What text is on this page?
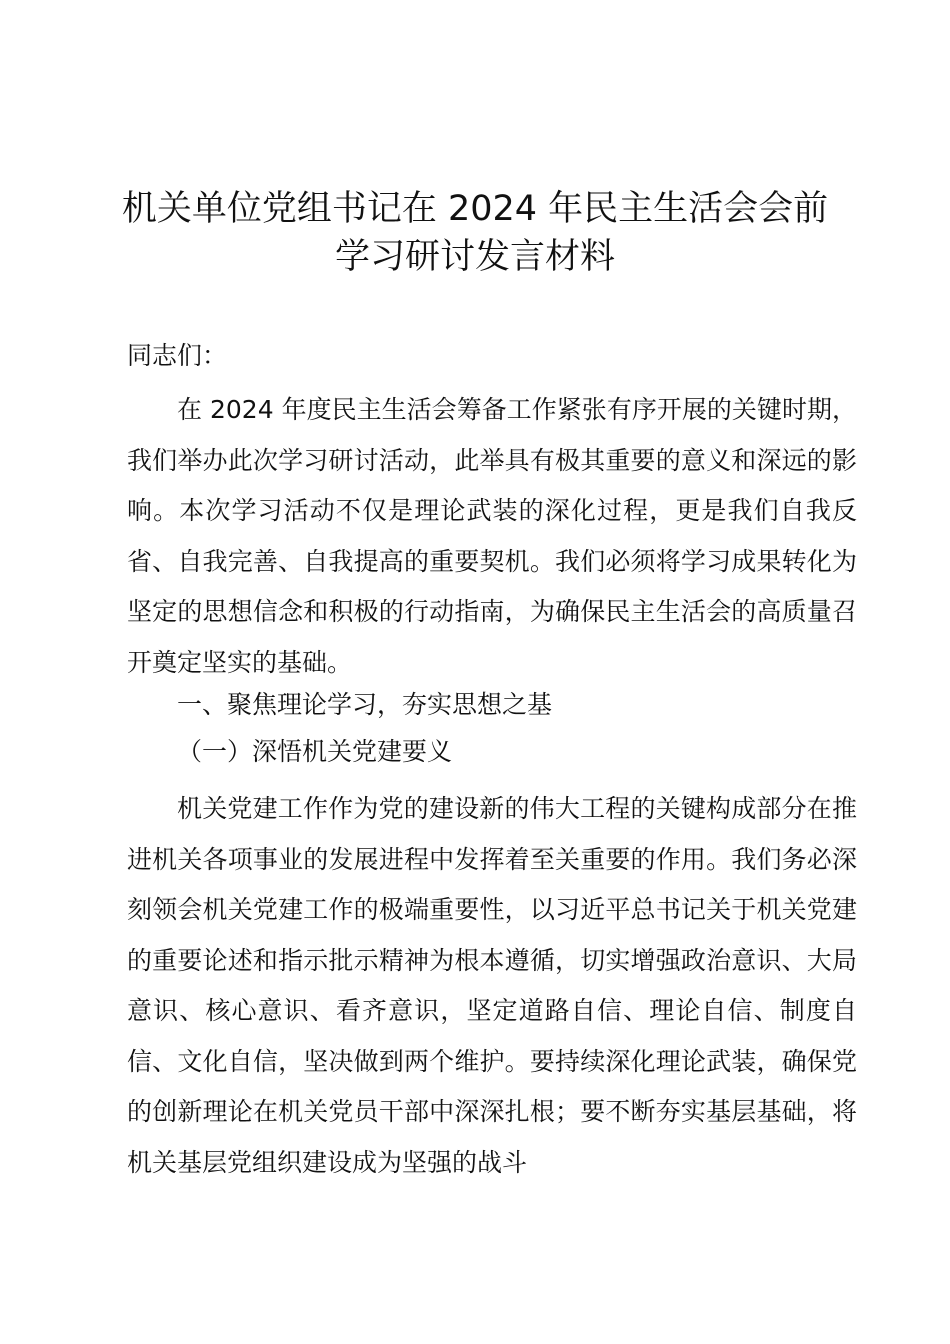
机关单位党组书记在 2024 年民主生活会会前
学习研讨发言材料
同志们：
在 2024 年度民主生活会筹备工作紧张有序开展的关键时期，我们举办此次学习研讨活动，此举具有极其重要的意义和深远的影响。本次学习活动不仅是理论武装的深化过程，更是我们自我反省、自我完善、自我提高的重要契机。我们必须将学习成果转化为坚定的思想信念和积极的行动指南，为确保民主生活会的高质量召开奠定坚实的基础。
一、聚焦理论学习，夯实思想之基
（一）深悟机关党建要义
机关党建工作作为党的建设新的伟大工程的关键构成部分在推进机关各项事业的发展进程中发挥着至关重要的作用。我们务必深刻领会机关党建工作的极端重要性，以习近平总书记关于机关党建的重要论述和指示批示精神为根本遵循，切实增强政治意识、大局意识、核心意识、看齐意识，坚定道路自信、理论自信、制度自信、文化自信，坚决做到两个维护。要持续深化理论武装，确保党的创新理论在机关党员干部中深深扎根；要不断夯实基层基础，将机关基层党组织建设成为坚强的战斗
